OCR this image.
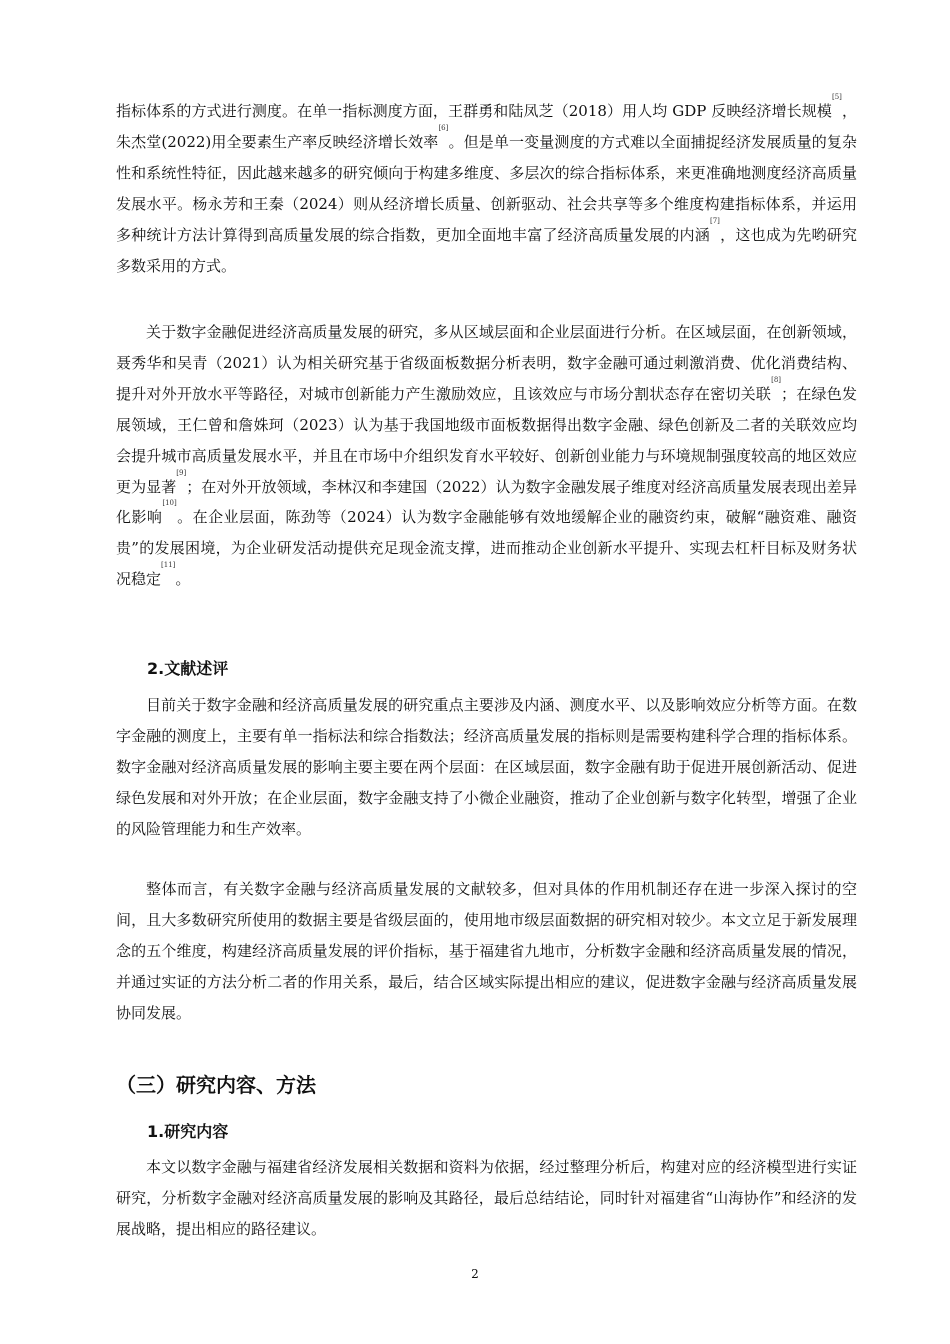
指标体系的方式进行测度。在单一指标测度方面，王群勇和陆凤芝（2018）用人均 GDP 反映经济增长规模[5]，朱杰堂(2022)用全要素生产率反映经济增长效率[6]。但是单一变量测度的方式难以全面捕捉经济发展质量的复杂性和系统性特征，因此越来越多的研究倾向于构建多维度、多层次的综合指标体系，来更准确地测度经济高质量发展水平。杨永芳和王秦（2024）则从经济增长质量、创新驱动、社会共享等多个维度构建指标体系，并运用多种统计方法计算得到高质量发展的综合指数，更加全面地丰富了经济高质量发展的内涵[7]，这也成为先哟研究多数采用的方式。

关于数字金融促进经济高质量发展的研究，多从区域层面和企业层面进行分析。在区域层面，在创新领域，聂秀华和吴青（2021）认为相关研究基于省级面板数据分析表明，数字金融可通过刺激消费、优化消费结构、提升对外开放水平等路径，对城市创新能力产生激励效应，且该效应与市场分割状态存在密切关联[8]；在绿色发展领域，王仁曾和詹姝珂（2023）认为基于我国地级市面板数据得出数字金融、绿色创新及二者的关联效应均会提升城市高质量发展水平，并且在市场中介组织发育水平较好、创新创业能力与环境规制强度较高的地区效应更为显著[9]；在对外开放领域，李林汉和李建国（2022）认为数字金融发展子维度对经济高质量发展表现出差异化影响[10]。在企业层面，陈劲等（2024）认为数字金融能够有效地缓解企业的融资约束，破解“融资难、融资贵”的发展困境，为企业研发活动提供充足现金流支撑，进而推动企业创新水平提升、实现去杠杆目标及财务状况稳定[11]。

2.文献述评

目前关于数字金融和经济高质量发展的研究重点主要涉及内涵、测度水平、以及影响效应分析等方面。在数字金融的测度上，主要有单一指标法和综合指数法；经济高质量发展的指标则是需要构建科学合理的指标体系。数字金融对经济高质量发展的影响主要主要在两个层面：在区域层面，数字金融有助于促进开展创新活动、促进绿色发展和对外开放；在企业层面，数字金融支持了小微企业融资，推动了企业创新与数字化转型，增强了企业的风险管理能力和生产效率。

整体而言，有关数字金融与经济高质量发展的文献较多，但对具体的作用机制还存在进一步深入探讨的空间，且大多数研究所使用的数据主要是省级层面的，使用地市级层面数据的研究相对较少。本文立足于新发展理念的五个维度，构建经济高质量发展的评价指标，基于福建省九地市，分析数字金融和经济高质量发展的情况，并通过实证的方法分析二者的作用关系，最后，结合区域实际提出相应的建议，促进数字金融与经济高质量发展协同发展。

（三）研究内容、方法
1.研究内容

本文以数字金融与福建省经济发展相关数据和资料为依据，经过整理分析后，构建对应的经济模型进行实证研究，分析数字金融对经济高质量发展的影响及其路径，最后总结结论，同时针对福建省“山海协作”和经济的发展战略，提出相应的路径建议。

2
